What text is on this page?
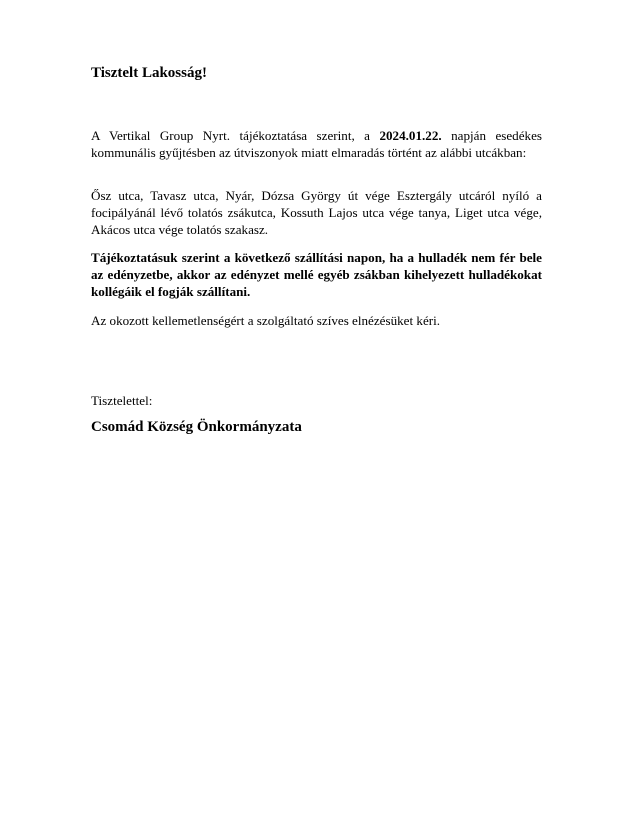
Tisztelt Lakosság!

A Vertikal Group Nyrt. tájékoztatása szerint, a 2024.01.22. napján esedékes kommunális gyűjtésben az útviszonyok miatt elmaradás történt az alábbi utcákban:

Ősz utca, Tavasz utca, Nyár, Dózsa György út vége Esztergály utcáról nyíló a focipályánál lévő tolatós zsákutca, Kossuth Lajos utca vége tanya, Liget utca vége, Akácos utca vége tolatós szakasz.

Tájékoztatásuk szerint a következő szállítási napon, ha a hulladék nem fér bele az edényzetbe, akkor az edényzet mellé egyéb zsákban kihelyezett hulladékokat kollégáik el fogják szállítani.

Az okozott kellemetlenségért a szolgáltató szíves elnézésüket kéri.

Tisztelettel:

Csomád Község Önkormányzata
